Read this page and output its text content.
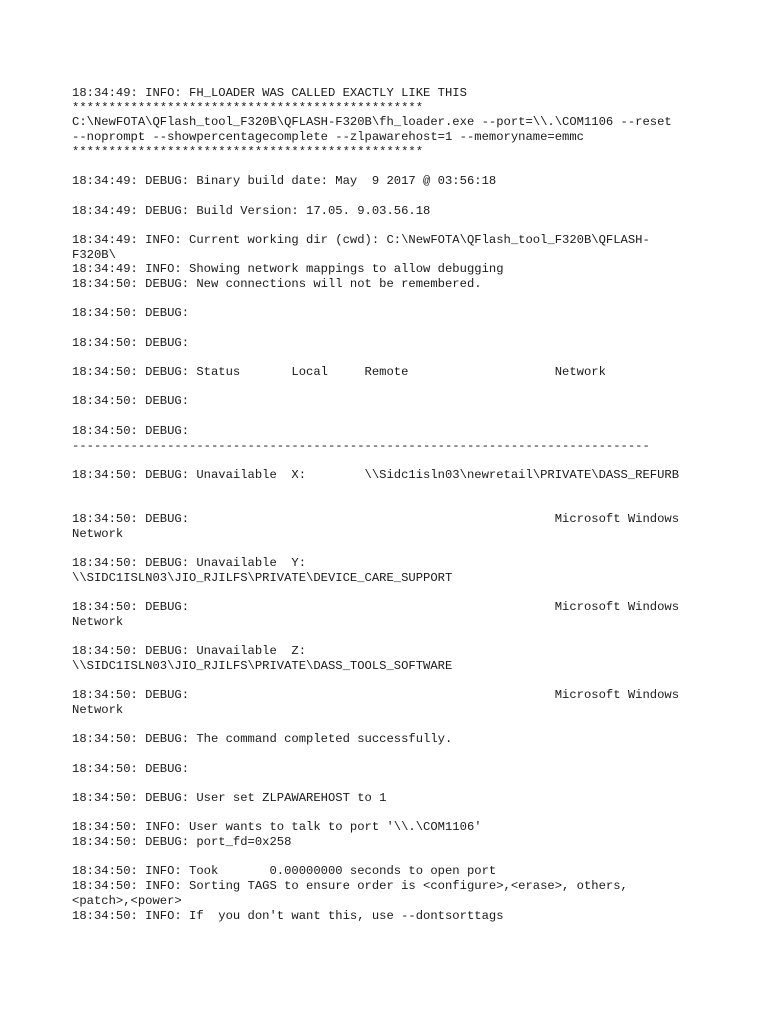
18:34:49: INFO: FH_LOADER WAS CALLED EXACTLY LIKE THIS
************************************************
C:\NewFOTA\QFlash_tool_F320B\QFLASH-F320B\fh_loader.exe --port=\\.\COM1106 --reset
--noprompt --showpercentagecomplete --zlpawarehost=1 --memoryname=emmc
************************************************
18:34:49: DEBUG: Binary build date: May  9 2017 @ 03:56:18
18:34:49: DEBUG: Build Version: 17.05. 9.03.56.18
18:34:49: INFO: Current working dir (cwd): C:\NewFOTA\QFlash_tool_F320B\QFLASH-
F320B\
18:34:49: INFO: Showing network mappings to allow debugging
18:34:50: DEBUG: New connections will not be remembered.
18:34:50: DEBUG:
18:34:50: DEBUG:
18:34:50: DEBUG: Status       Local     Remote                    Network
18:34:50: DEBUG:
18:34:50: DEBUG:
-------------------------------------------------------------------------------
18:34:50: DEBUG: Unavailable  X:        \\Sidc1isln03\newretail\PRIVATE\DASS_REFURB
18:34:50: DEBUG:                                                  Microsoft Windows
Network
18:34:50: DEBUG: Unavailable  Y:
\\SIDC1ISLN03\JIO_RJILFS\PRIVATE\DEVICE_CARE_SUPPORT
18:34:50: DEBUG:                                                  Microsoft Windows
Network
18:34:50: DEBUG: Unavailable  Z:
\\SIDC1ISLN03\JIO_RJILFS\PRIVATE\DASS_TOOLS_SOFTWARE
18:34:50: DEBUG:                                                  Microsoft Windows
Network
18:34:50: DEBUG: The command completed successfully.
18:34:50: DEBUG:
18:34:50: DEBUG: User set ZLPAWAREHOST to 1
18:34:50: INFO: User wants to talk to port '\\.\COM1106'
18:34:50: DEBUG: port_fd=0x258
18:34:50: INFO: Took       0.00000000 seconds to open port
18:34:50: INFO: Sorting TAGS to ensure order is <configure>,<erase>, others,
<patch>,<power>
18:34:50: INFO: If  you don't want this, use --dontsorttags
